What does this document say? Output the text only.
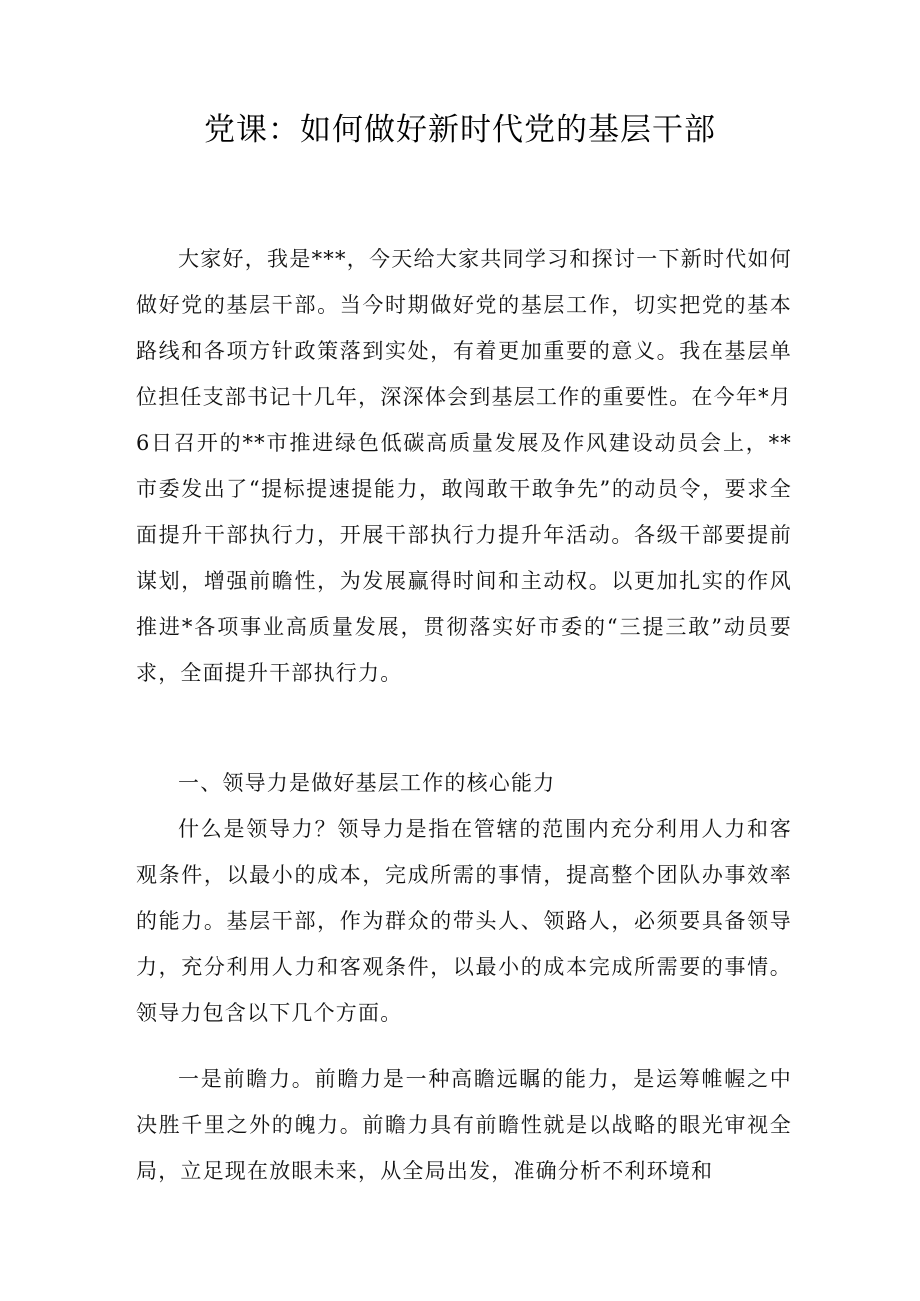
党课：如何做好新时代党的基层干部

大家好，我是***，今天给大家共同学习和探讨一下新时代如何做好党的基层干部。当今时期做好党的基层工作，切实把党的基本路线和各项方针政策落到实处，有着更加重要的意义。我在基层单位担任支部书记十几年，深深体会到基层工作的重要性。在今年*月6日召开的**市推进绿色低碳高质量发展及作风建设动员会上，**市委发出了“提标提速提能力，敢闯敢干敢争先”的动员令，要求全面提升干部执行力，开展干部执行力提升年活动。各级干部要提前谋划，增强前瞻性，为发展赢得时间和主动权。以更加扎实的作风推进*各项事业高质量发展，贯彻落实好市委的“三提三敢”动员要求，全面提升干部执行力。

一、领导力是做好基层工作的核心能力

什么是领导力？领导力是指在管辖的范围内充分利用人力和客观条件，以最小的成本，完成所需的事情，提高整个团队办事效率的能力。基层干部，作为群众的带头人、领路人，必须要具备领导力，充分利用人力和客观条件，以最小的成本完成所需要的事情。领导力包含以下几个方面。

一是前瞻力。前瞻力是一种高瞻远瞩的能力，是运筹帷幄之中决胜千里之外的魄力。前瞻力具有前瞻性就是以战略的眼光审视全局，立足现在放眼未来，从全局出发，准确分析不利环境和
